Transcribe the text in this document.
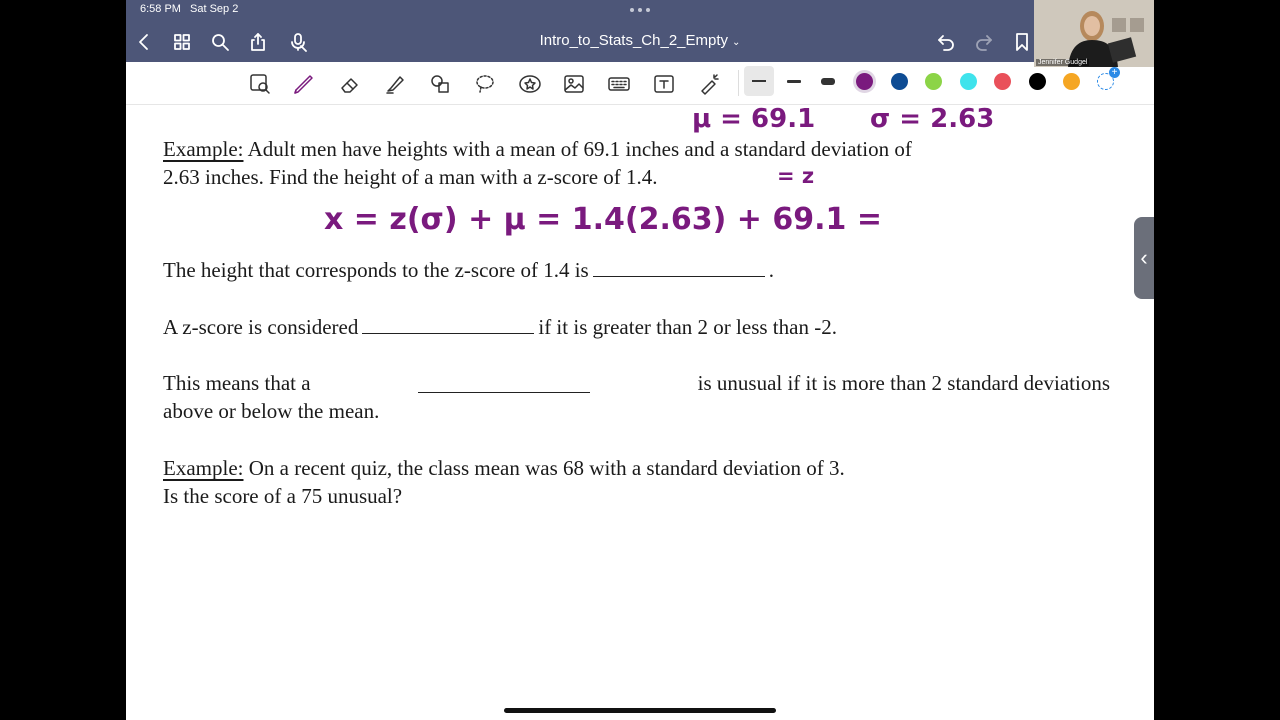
6:58 PM Sat Sep 2
Intro_to_Stats_Ch_2_Empty ⌄
+
μ = 69.1 σ = 2.63
Example: Adult men have heights with a mean of 69.1 inches and a standard deviation of
2.63 inches. Find the height of a man with a z-score of 1.4.	= z
x = z(σ) + μ = 1.4(2.63) + 69.1 =
The height that corresponds to the z-score of 1.4 is	.
A z-score is considered	if it is greater than 2 or less than -2.
This means that a	is unusual if it is more than 2 standard deviations
above or below the mean.
Example: On a recent quiz, the class mean was 68 with a standard deviation of 3.
Is the score of a 75 unusual?
‹
Jennifer Gudgel
